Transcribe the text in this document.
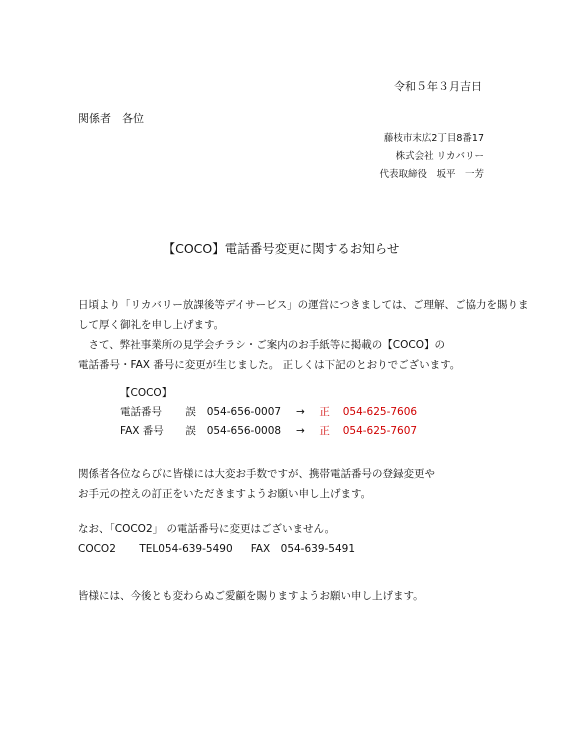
令和５年３月吉日
関係者　各位
藤枝市末広2丁目8番17
株式会社 リカバリー
代表取締役　坂平　一芳
【COCO】電話番号変更に関するお知らせ
日頃より「リカバリー放課後等デイサービス」の運営につきましては、ご理解、ご協力を賜りま
して厚く御礼を申し上げます。
　さて、弊社事業所の見学会チラシ・ご案内のお手紙等に掲載の【COCO】の
電話番号・FAX 番号に変更が生じました。 正しくは下記のとおりでございます。
【COCO】
電話番号 誤 054-656-0007 → 正 054-625-7606
FAX 番号 誤 054-656-0008 → 正 054-625-7607
関係者各位ならびに皆様には大変お手数ですが、携帯電話番号の登録変更や
お手元の控えの訂正をいただきますようお願い申し上げます。
なお、「COCO2」 の電話番号に変更はございません。
COCO2 TEL054-639-5490 FAX　054-639-5491
皆様には、今後とも変わらぬご愛顧を賜りますようお願い申し上げます。
